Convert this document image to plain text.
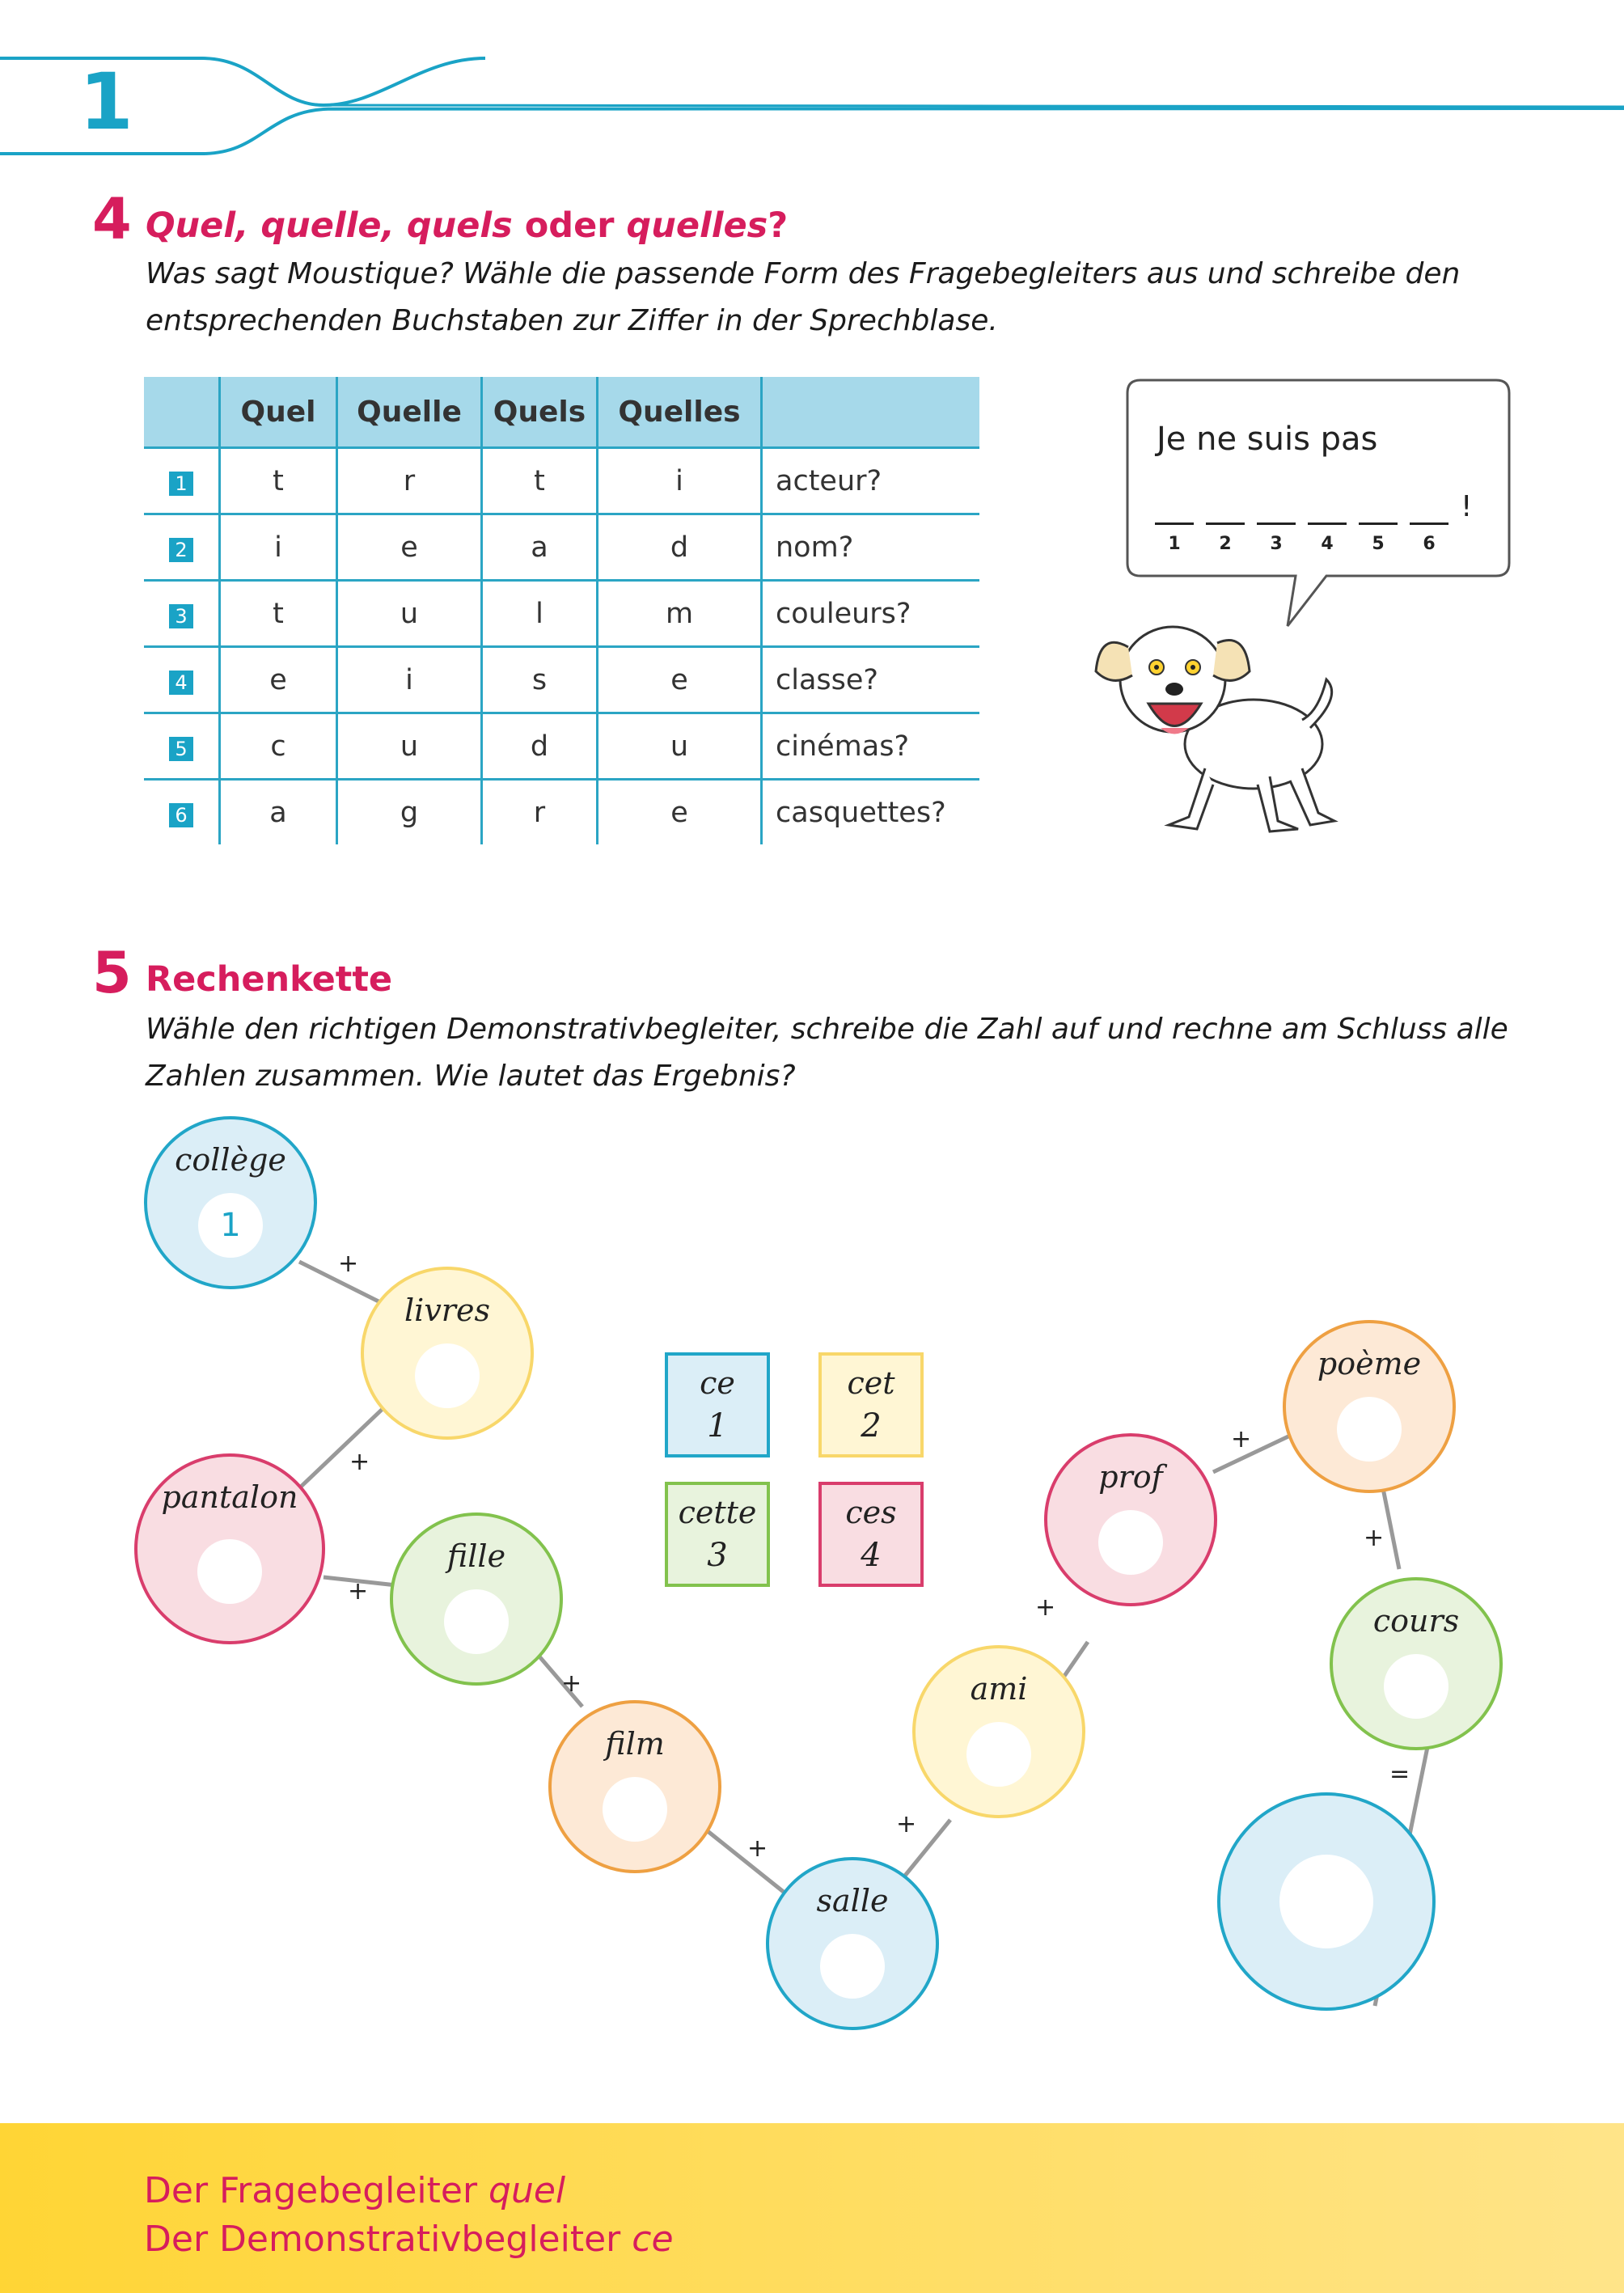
1
4 Quel, quelle, quels oder quelles?
Was sagt Moustique? Wähle die passende Form des Fragebegleiters aus und schreibe den
entsprechenden Buchstaben zur Ziffer in der Sprechblase.
	Quel	Quelle	Quels	Quelles	
1	t	r	t	i	acteur?
2	i	e	a	d	nom?
3	t	u	l	m	couleurs?
4	e	i	s	e	classe?
5	c	u	d	u	cinémas?
6	a	g	r	e	casquettes?
Je ne suis pas
1	2	3	4	5	6
!
5 Rechenkette
Wähle den richtigen Demonstrativbegleiter, schreibe die Zahl auf und rechne am Schluss alle
Zahlen zusammen. Wie lautet das Ergebnis?
collège
1
livres
pantalon
fille
film
salle
ami
prof
poème
cours
+
+
+
+
+
+
+
+
+
=
ce
1
cet
2
cette
3
ces
4
Der Fragebegleiter quel
Der Demonstrativbegleiter ce
